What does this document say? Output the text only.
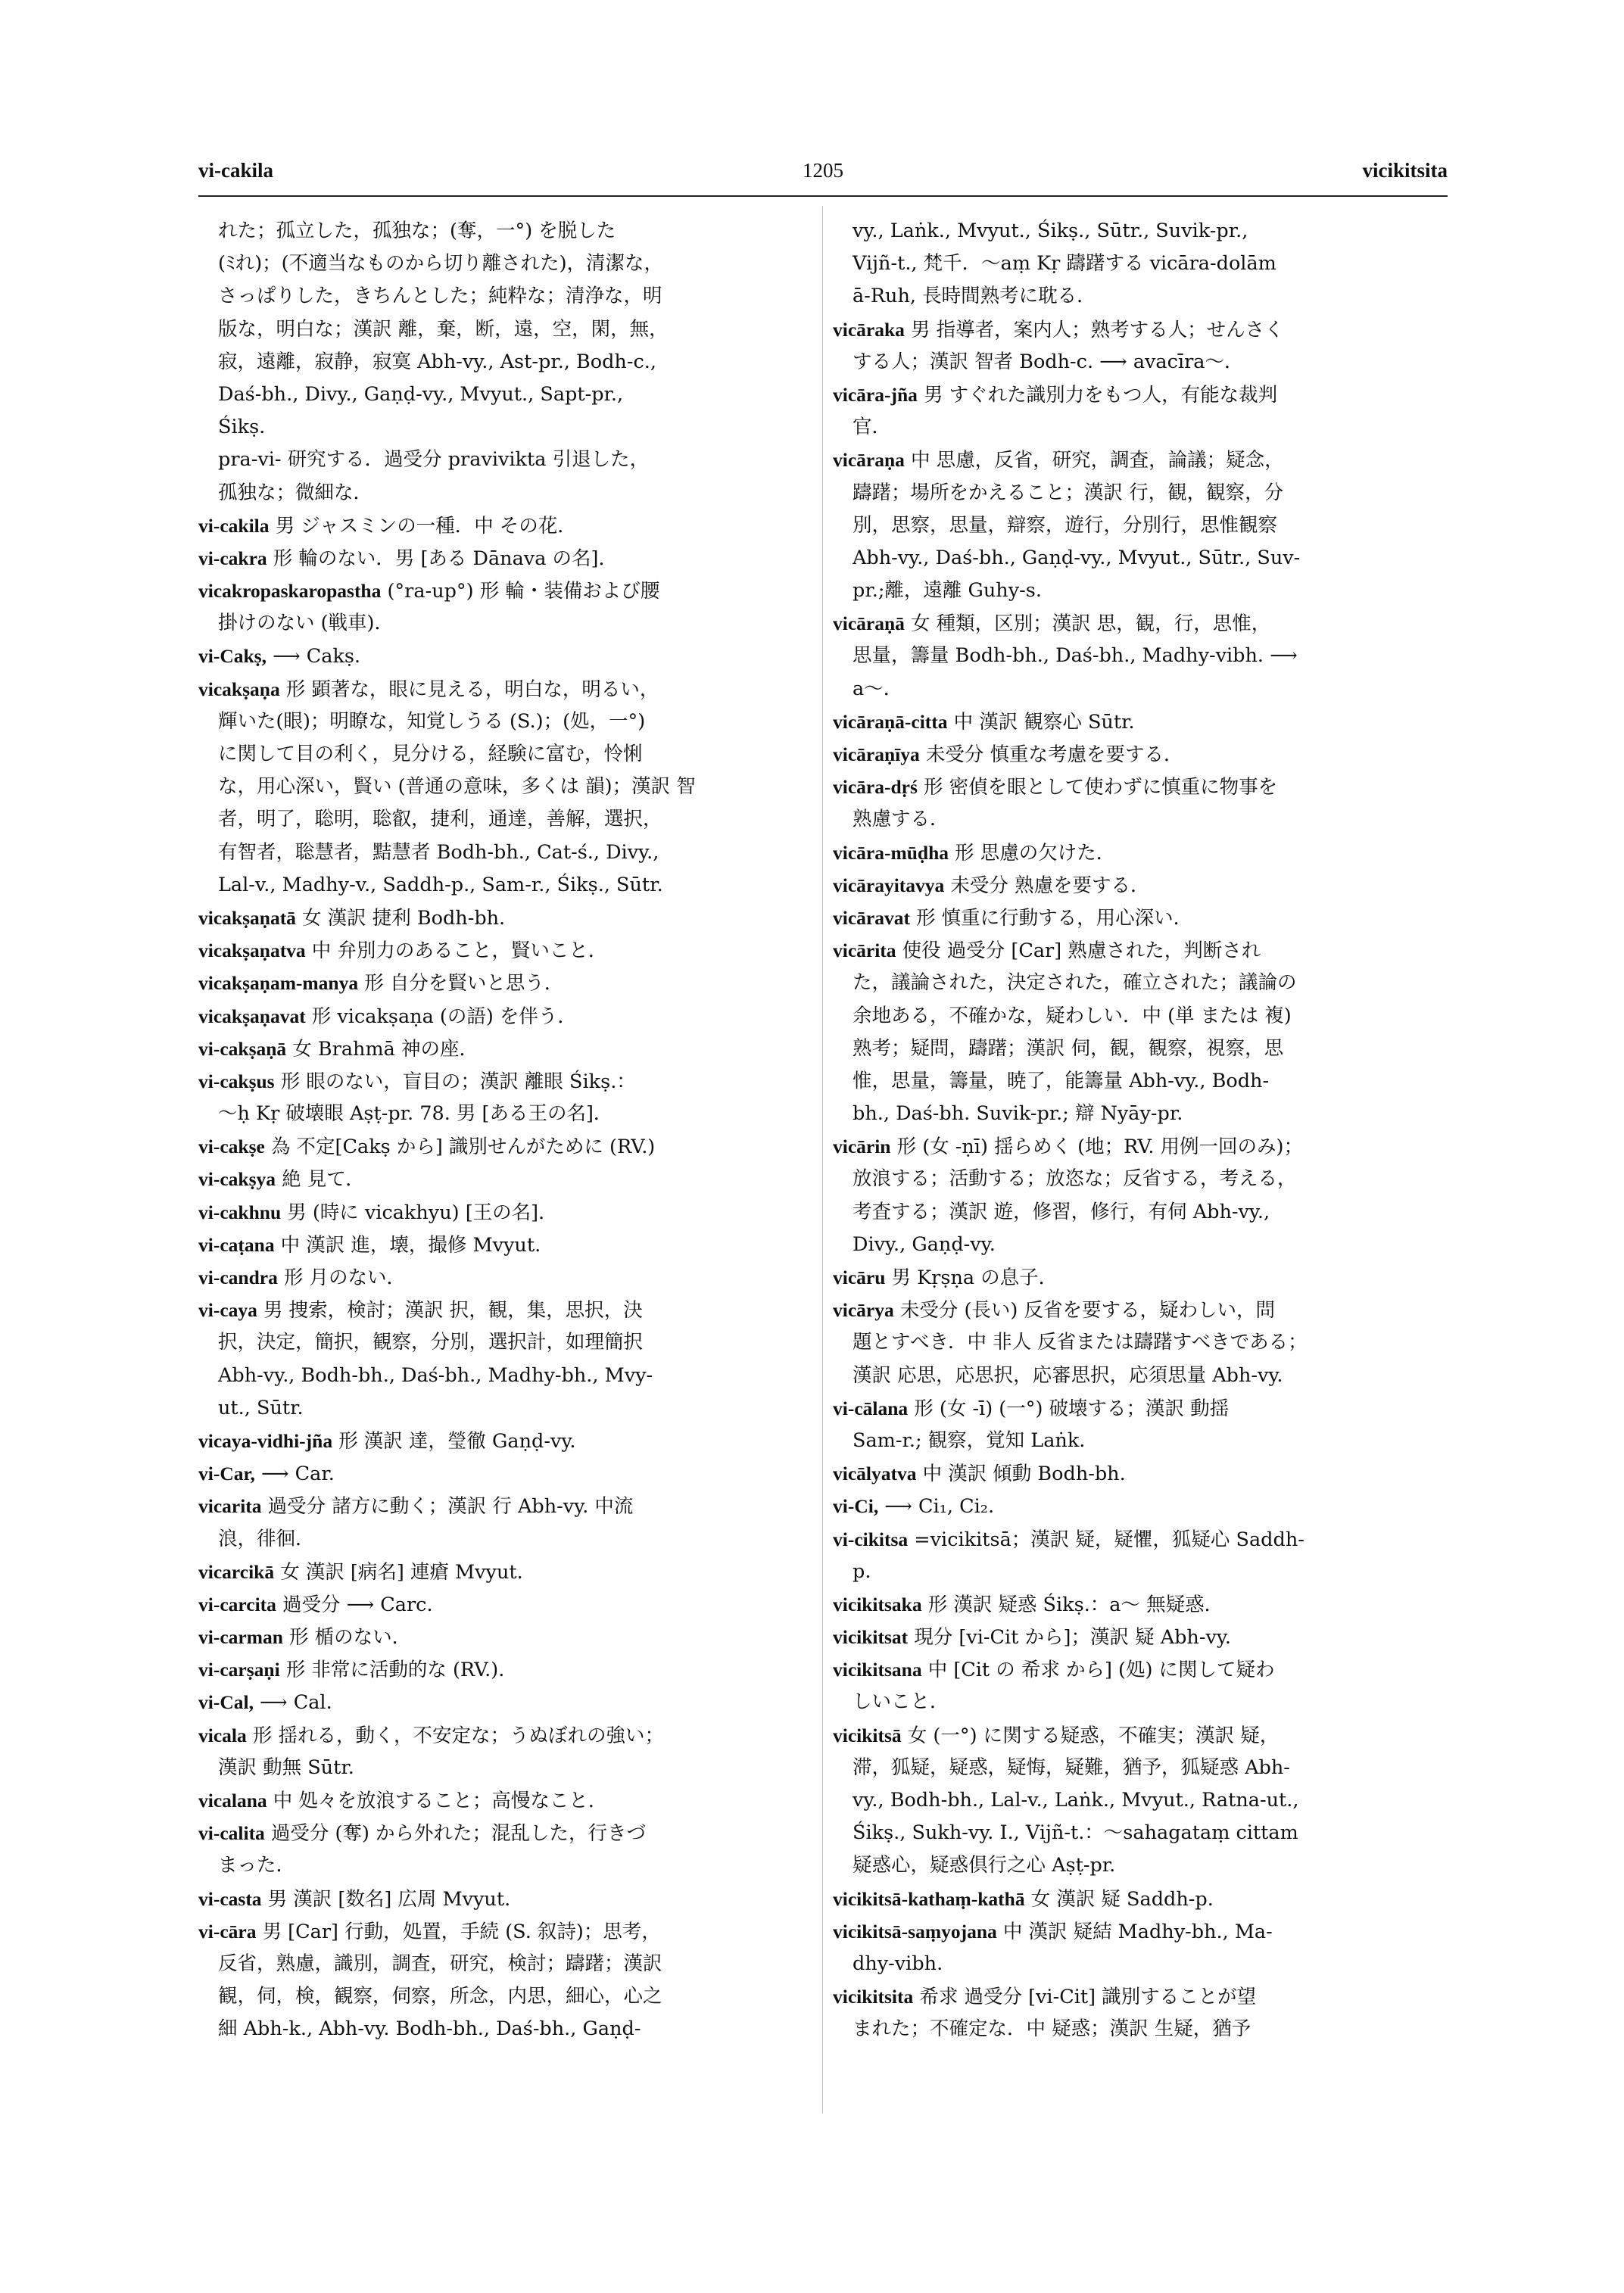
vi-cakila	1205	vicikitsita
れた；孤立した，孤独な；(奪，一°) を脱した
(ﾐれ)；(不適当なものから切り離された)，清潔な，
さっぱりした，きちんとした；純粋な；清浄な，明
版な，明白な；漢訳 離，棄，断，遠，空，閑，無，
寂，遠離，寂静，寂寞 Abh-vy., Ast-pr., Bodh-c.,
Daś-bh., Divy., Gaṇḍ-vy., Mvyut., Sapt-pr.,
Śikṣ.
pra-vi- 研究する．過受分 pravivikta 引退した，
孤独な；微細な．
vi-cakila 男 ジャスミンの一種．中 その花．
vi-cakra 形 輪のない．男 [ある Dānava の名]．
vicakropaskaropastha (°ra-up°) 形 輪・装備および腰
掛けのない (戦車)．
vi-Cakṣ, ⟶ Cakṣ.
vicakṣaṇa 形 顕著な，眼に見える，明白な，明るい，
輝いた(眼)；明瞭な，知覚しうる (S.)；(処，一°)
に関して目の利く，見分ける，経験に富む，怜悧
な，用心深い，賢い (普通の意味，多くは 韻)；漢訳 智
者，明了，聡明，聡叡，捷利，通達，善解，選択，
有智者，聡慧者，黠慧者 Bodh-bh., Cat-ś., Divy.,
Lal-v., Madhy-v., Saddh-p., Sam-r., Śikṣ., Sūtr.
vicakṣaṇatā 女 漢訳 捷利 Bodh-bh.
vicakṣaṇatva 中 弁別力のあること，賢いこと．
vicakṣaṇam-manya 形 自分を賢いと思う．
vicakṣaṇavat 形 vicakṣaṇa (の語) を伴う．
vi-cakṣaṇā 女 Brahmā 神の座．
vi-cakṣus 形 眼のない，盲目の；漢訳 離眼 Śikṣ.：
～ḥ Kṛ 破壊眼 Aṣṭ-pr. 78. 男 [ある王の名]．
vi-cakṣe 為 不定[Cakṣ から] 識別せんがために (RV.)
vi-cakṣya 絶 見て．
vi-cakhnu 男 (時に vicakhyu) [王の名]．
vi-caṭana 中 漢訳 進，壊，撮修 Mvyut.
vi-candra 形 月のない．
vi-caya 男 捜索，検討；漢訳 択，観，集，思択，決
択，決定，簡択，観察，分別，選択計，如理簡択
Abh-vy., Bodh-bh., Daś-bh., Madhy-bh., Mvy-
ut., Sūtr.
vicaya-vidhi-jña 形 漢訳 達，瑩徹 Gaṇḍ-vy.
vi-Car, ⟶ Car.
vicarita 過受分 諸方に動く；漢訳 行 Abh-vy. 中流
浪，徘徊．
vicarcikā 女 漢訳 [病名] 連瘡 Mvyut.
vi-carcita 過受分 ⟶ Carc.
vi-carman 形 楯のない．
vi-carṣaṇi 形 非常に活動的な (RV.).
vi-Cal, ⟶ Cal.
vicala 形 揺れる，動く，不安定な；うぬぼれの強い；
漢訳 動無 Sūtr.
vicalana 中 処々を放浪すること；高慢なこと．
vi-calita 過受分 (奪) から外れた；混乱した，行きづ
まった．
vi-casta 男 漢訳 [数名] 広周 Mvyut.
vi-cāra 男 [Car] 行動，処置，手続 (S. 叙詩)；思考，
反省，熟慮，識別，調査，研究，検討；躊躇；漢訳
観，伺，検，観察，伺察，所念，内思，細心，心之
細 Abh-k., Abh-vy. Bodh-bh., Daś-bh., Gaṇḍ-
vy., Laṅk., Mvyut., Śikṣ., Sūtr., Suvik-pr.,
Vijñ-t., 梵千．～aṃ Kṛ 躊躇する vicāra-dolām
ā-Ruh, 長時間熟考に耽る．
vicāraka 男 指導者，案内人；熟考する人；せんさく
する人；漢訳 智者 Bodh-c. ⟶ avacīra～．
vicāra-jña 男 すぐれた識別力をもつ人，有能な裁判
官．
vicāraṇa 中 思慮，反省，研究，調査，論議；疑念，
躊躇；場所をかえること；漢訳 行，観，観察，分
別，思察，思量，辯察，遊行，分別行，思惟観察
Abh-vy., Daś-bh., Gaṇḍ-vy., Mvyut., Sūtr., Suv-
pr.;離，遠離 Guhy-s.
vicāraṇā 女 種類，区別；漢訳 思，観，行，思惟，
思量，籌量 Bodh-bh., Daś-bh., Madhy-vibh. ⟶
a～．
vicāraṇā-citta 中 漢訳 観察心 Sūtr.
vicāraṇīya 未受分 慎重な考慮を要する．
vicāra-dṛś 形 密偵を眼として使わずに慎重に物事を
熟慮する．
vicāra-mūḍha 形 思慮の欠けた．
vicārayitavya 未受分 熟慮を要する．
vicāravat 形 慎重に行動する，用心深い．
vicārita 使役 過受分 [Car] 熟慮された，判断され
た，議論された，決定された，確立された；議論の
余地ある，不確かな，疑わしい．中 (単 または 複)
熟考；疑問，躊躇；漢訳 伺，観，観察，視察，思
惟，思量，籌量，暁了，能籌量 Abh-vy., Bodh-
bh., Daś-bh. Suvik-pr.; 辯 Nyāy-pr.
vicārin 形 (女 -ṇī) 揺らめく (地；RV. 用例一回のみ)；
放浪する；活動する；放恣な；反省する，考える，
考査する；漢訳 遊，修習，修行，有伺 Abh-vy.,
Divy., Gaṇḍ-vy.
vicāru 男 Kṛṣṇa の息子．
vicārya 未受分 (長い) 反省を要する，疑わしい，問
題とすべき．中 非人 反省または躊躇すべきである；
漢訳 応思，応思択，応審思択，応須思量 Abh-vy.
vi-cālana 形 (女 -ī) (一°) 破壊する；漢訳 動揺
Sam-r.; 観察，覚知 Laṅk.
vicālyatva 中 漢訳 傾動 Bodh-bh.
vi-Ci, ⟶ Ci₁, Ci₂.
vi-cikitsa =vicikitsā；漢訳 疑，疑懼，狐疑心 Saddh-
p.
vicikitsaka 形 漢訳 疑惑 Śikṣ.：a～ 無疑惑．
vicikitsat 現分 [vi-Cit から]；漢訳 疑 Abh-vy.
vicikitsana 中 [Cit の 希求 から] (処) に関して疑わ
しいこと．
vicikitsā 女 (一°) に関する疑惑，不確実；漢訳 疑，
滞，狐疑，疑惑，疑悔，疑難，猶予，狐疑惑 Abh-
vy., Bodh-bh., Lal-v., Laṅk., Mvyut., Ratna-ut.,
Śikṣ., Sukh-vy. I., Vijñ-t.：～sahagataṃ cittam
疑惑心，疑惑倶行之心 Aṣṭ-pr.
vicikitsā-kathaṃ-kathā 女 漢訳 疑 Saddh-p.
vicikitsā-saṃyojana 中 漢訳 疑結 Madhy-bh., Ma-
dhy-vibh.
vicikitsita 希求 過受分 [vi-Cit] 識別することが望
まれた；不確定な．中 疑惑；漢訳 生疑，猶予
